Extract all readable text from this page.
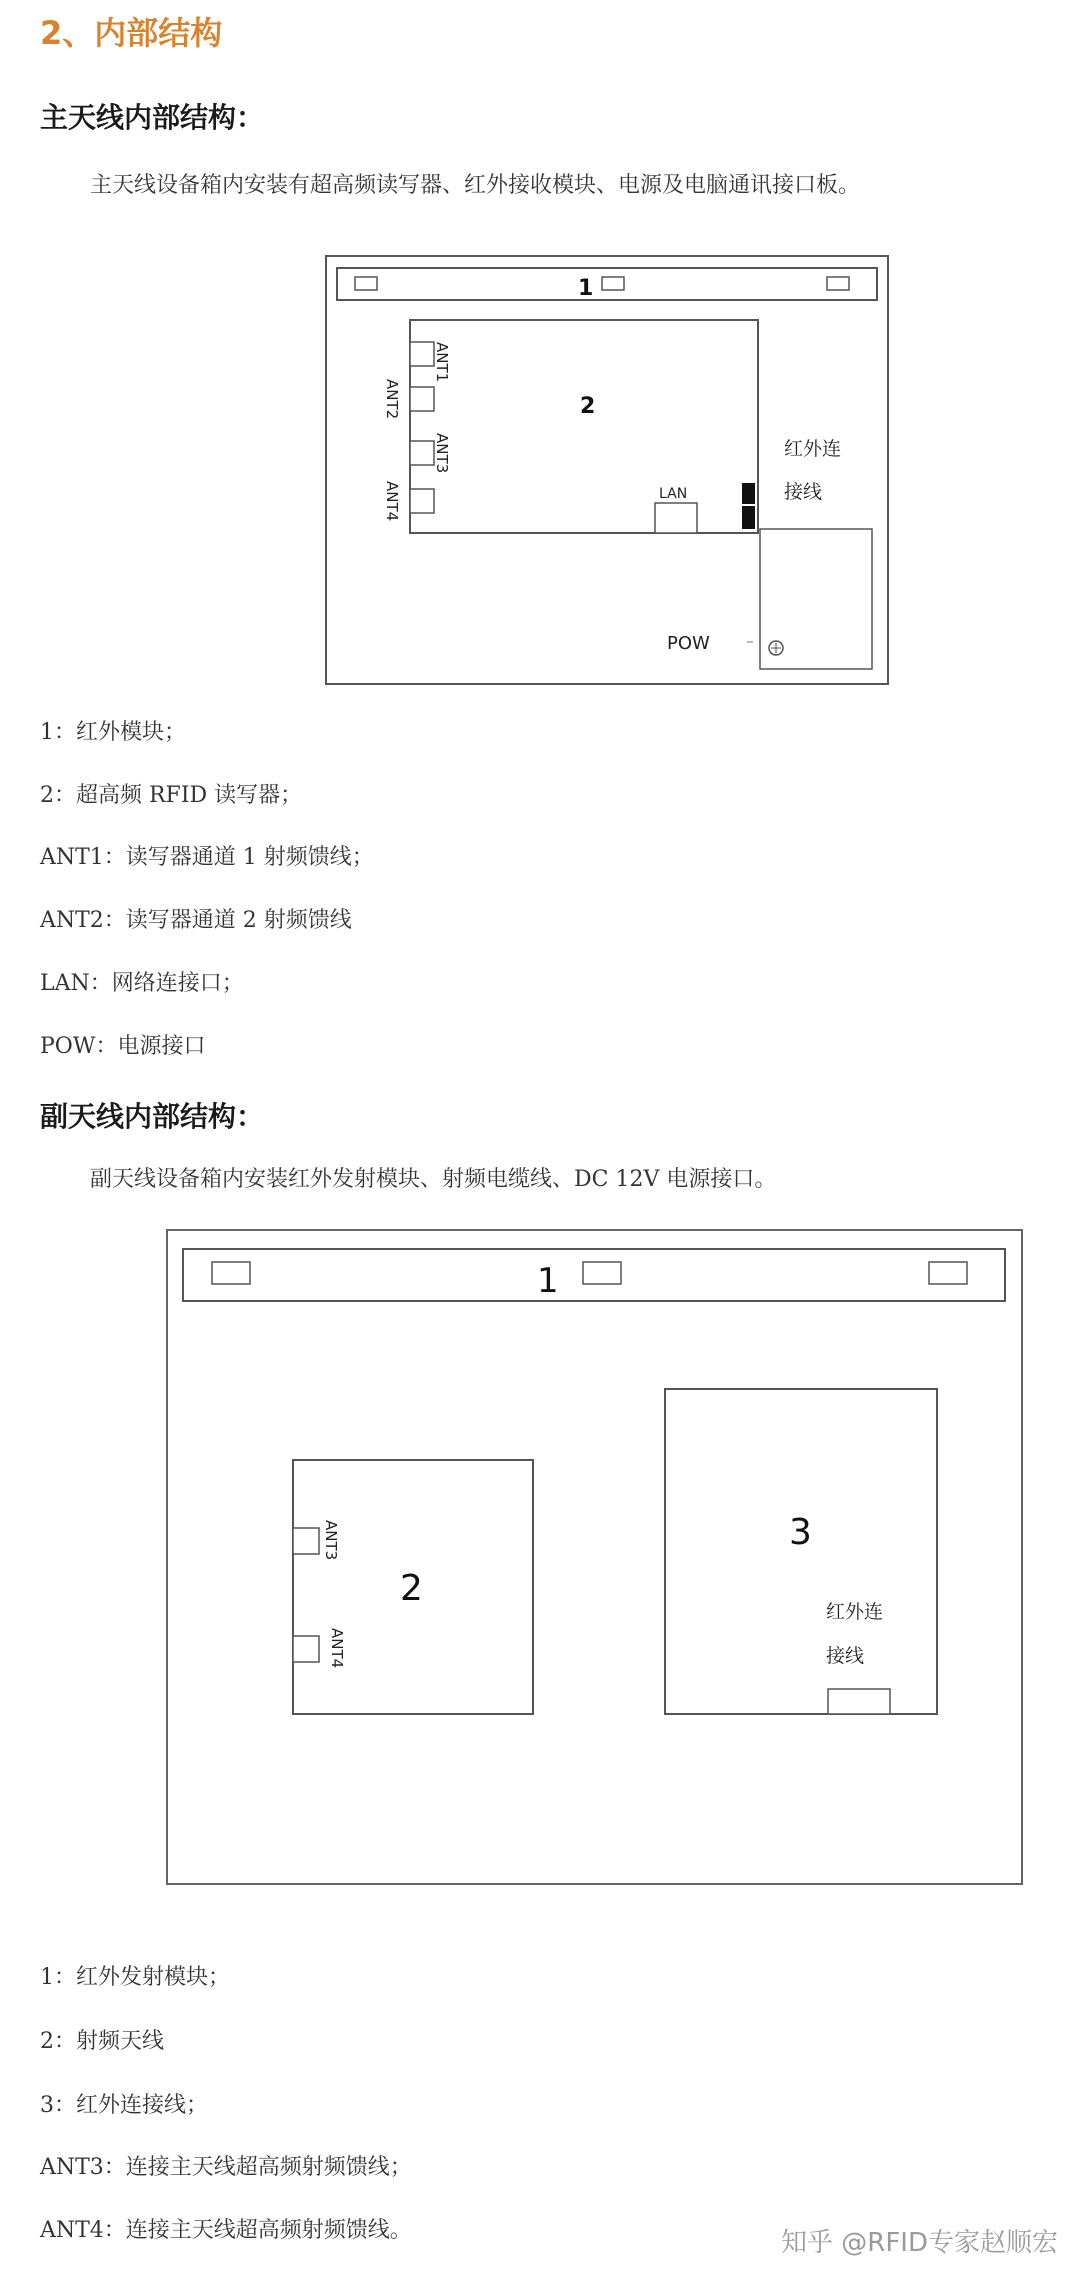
2、内部结构
主天线内部结构：
主天线设备箱内安装有超高频读写器、红外接收模块、电源及电脑通讯接口板。
1
2
ANT1
ANT2
ANT3
ANT4	LAN
红外连
接线
POW
1：红外模块；
2：超高频 RFID 读写器；
ANT1：读写器通道 1 射频馈线；
ANT2：读写器通道 2 射频馈线
LAN：网络连接口；
POW：电源接口
副天线内部结构：
副天线设备箱内安装红外发射模块、射频电缆线、DC 12V 电源接口。
1
2
ANT3
ANT4
3
红外连
接线
1：红外发射模块；
2：射频天线
3：红外连接线；
ANT3：连接主天线超高频射频馈线；
ANT4：连接主天线超高频射频馈线。	知乎 @RFID专家赵顺宏
